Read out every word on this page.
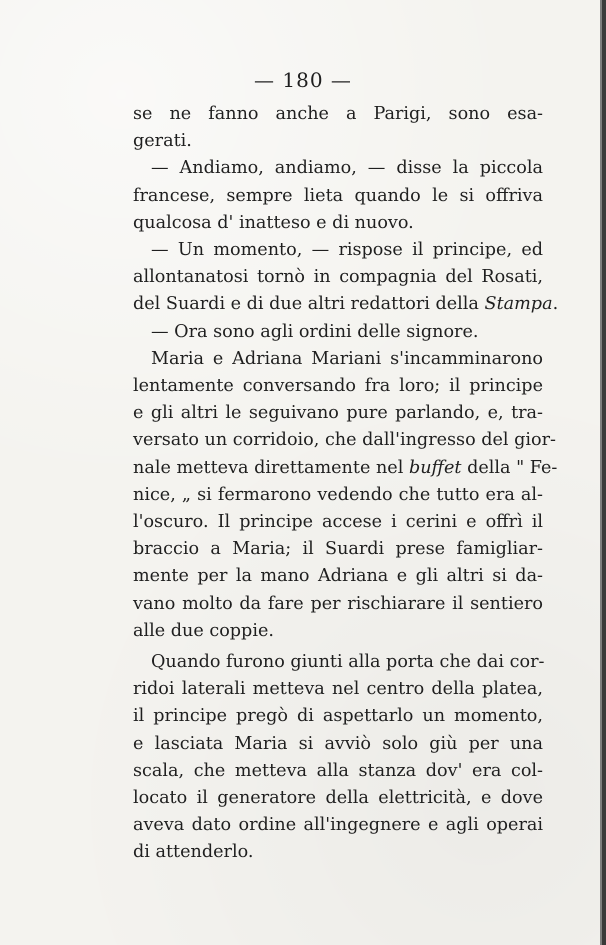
— 180 —
se ne fanno anche a Parigi, sono esa-
gerati.
— Andiamo, andiamo, — disse la piccola
francese, sempre lieta quando le si offriva
qualcosa d' inatteso e di nuovo.
— Un momento, — rispose il principe, ed
allontanatosi tornò in compagnia del Rosati,
del Suardi e di due altri redattori della Stampa.
— Ora sono agli ordini delle signore.
Maria e Adriana Mariani s'incamminarono
lentamente conversando fra loro; il principe
e gli altri le seguivano pure parlando, e, tra-
versato un corridoio, che dall'ingresso del gior-
nale metteva direttamente nel buffet della " Fe-
nice, „ si fermarono vedendo che tutto era al-
l'oscuro. Il principe accese i cerini e offrì il
braccio a Maria; il Suardi prese famigliar-
mente per la mano Adriana e gli altri si da-
vano molto da fare per rischiarare il sentiero
alle due coppie.
Quando furono giunti alla porta che dai cor-
ridoi laterali metteva nel centro della platea,
il principe pregò di aspettarlo un momento,
e lasciata Maria si avviò solo giù per una
scala, che metteva alla stanza dov' era col-
locato il generatore della elettricità, e dove
aveva dato ordine all'ingegnere e agli operai
di attenderlo.
